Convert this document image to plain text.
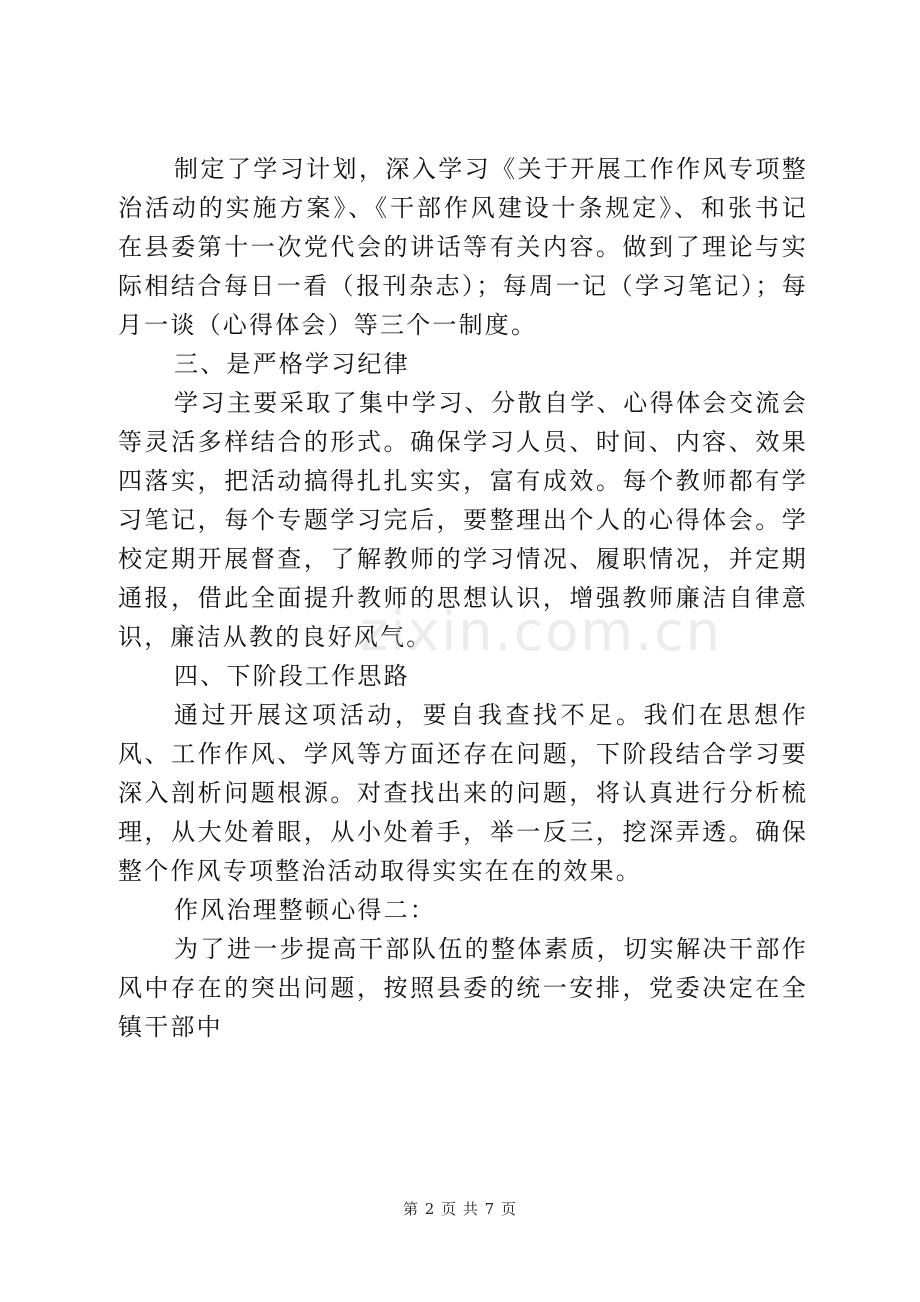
制定了学习计划，深入学习《关于开展工作作风专项整治活动的实施方案》、《干部作风建设十条规定》、和张书记在县委第十一次党代会的讲话等有关内容。做到了理论与实际相结合每日一看（报刊杂志）；每周一记（学习笔记）；每月一谈（心得体会）等三个一制度。

三、是严格学习纪律

学习主要采取了集中学习、分散自学、心得体会交流会等灵活多样结合的形式。确保学习人员、时间、内容、效果四落实，把活动搞得扎扎实实，富有成效。每个教师都有学习笔记，每个专题学习完后，要整理出个人的心得体会。学校定期开展督查，了解教师的学习情况、履职情况，并定期通报，借此全面提升教师的思想认识，增强教师廉洁自律意识，廉洁从教的良好风气。

四、下阶段工作思路

通过开展这项活动，要自我查找不足。我们在思想作风、工作作风、学风等方面还存在问题，下阶段结合学习要深入剖析问题根源。对查找出来的问题，将认真进行分析梳理，从大处着眼，从小处着手，举一反三，挖深弄透。确保整个作风专项整治活动取得实实在在的效果。

作风治理整顿心得二：

为了进一步提高干部队伍的整体素质，切实解决干部作风中存在的突出问题，按照县委的统一安排，党委决定在全镇干部中

zixin.com.cn
第 2 页 共 7 页
